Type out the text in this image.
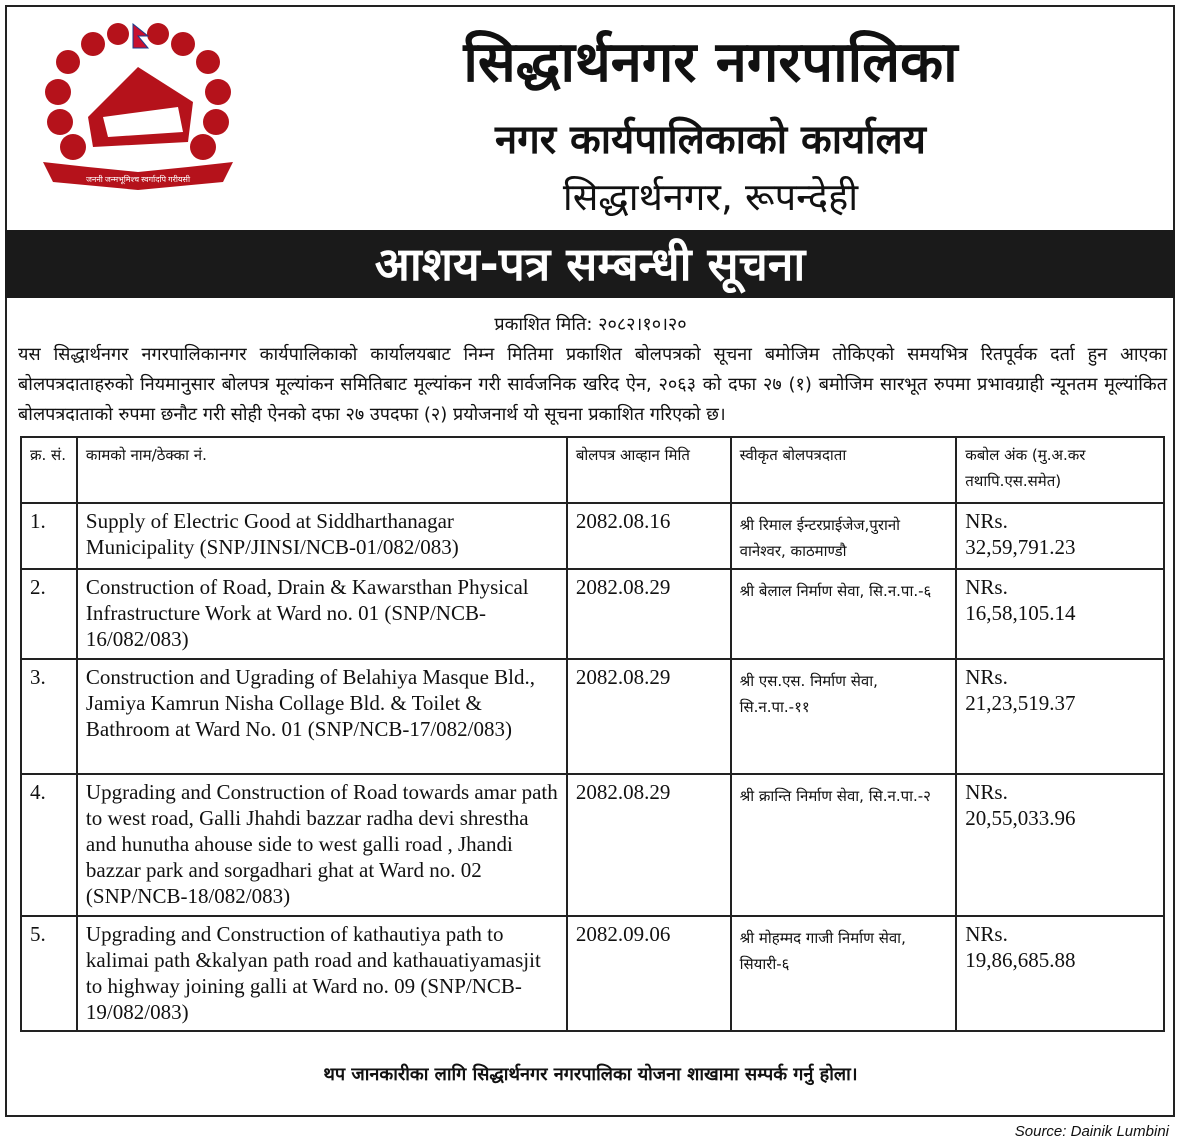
जननी जन्मभूमिश्च स्वर्गादपि गरीयसी
सिद्धार्थनगर नगरपालिका
नगर कार्यपालिकाको कार्यालय
सिद्धार्थनगर, रूपन्देही
आशय-पत्र सम्बन्धी सूचना
प्रकाशित मिति: २०८२।१०।२०
यस सिद्धार्थनगर नगरपालिकानगर कार्यपालिकाको कार्यालयबाट निम्न मितिमा प्रकाशित बोलपत्रको सूचना बमोजिम तोकिएको समयभित्र रितपूर्वक दर्ता हुन आएका बोलपत्रदाताहरुको नियमानुसार बोलपत्र मूल्यांकन समितिबाट मूल्यांकन गरी सार्वजनिक खरिद ऐन, २०६३ को दफा २७ (१) बमोजिम सारभूत रुपमा प्रभावग्राही न्यूनतम मूल्यांकित बोलपत्रदाताको रुपमा छनौट गरी सोही ऐनको दफा २७ उपदफा (२) प्रयोजनार्थ यो सूचना प्रकाशित गरिएको छ।
क्र. सं.	कामको नाम/ठेक्का नं.	बोलपत्र आव्हान मिति	स्वीकृत बोलपत्रदाता	कबोल अंक (मु.अ.कर तथापि.एस.समेत)
1.	Supply of Electric Good at Siddharthanagar Municipality (SNP/JINSI/NCB-01/082/083)	2082.08.16	श्री रिमाल ईन्टरप्राईजेज,पुरानो वानेश्वर, काठमाण्डौ	NRs.
32,59,791.23

2.	Construction of Road, Drain & Kawarsthan Physical Infrastructure Work at Ward no. 01 (SNP/NCB-16/082/083)	2082.08.29	श्री बेलाल निर्माण सेवा, सि.न.पा.-६	NRs.
16,58,105.14

3.	Construction and Ugrading of Belahiya Masque Bld., Jamiya Kamrun Nisha Collage Bld. & Toilet & Bathroom at Ward No. 01 (SNP/NCB-17/082/083)	2082.08.29	श्री एस.एस. निर्माण सेवा, सि.न.पा.-११	NRs.
21,23,519.37

4.	Upgrading and Construction of Road towards amar path to west road, Galli Jhahdi bazzar radha devi shrestha and hunutha ahouse side to west galli road , Jhandi bazzar park and sorgadhari ghat at Ward no. 02 (SNP/NCB-18/082/083)	2082.08.29	श्री क्रान्ति निर्माण सेवा, सि.न.पा.-२	NRs.
20,55,033.96

5.	Upgrading and Construction of kathautiya path to kalimai path &kalyan path road and kathauatiyamasjit to highway joining galli at Ward no. 09 (SNP/NCB-19/082/083)	2082.09.06	श्री मोहम्मद गाजी निर्माण सेवा, सियारी-६	NRs.
19,86,685.88
थप जानकारीका लागि सिद्धार्थनगर नगरपालिका योजना शाखामा सम्पर्क गर्नु होला।
Source: Dainik Lumbini
